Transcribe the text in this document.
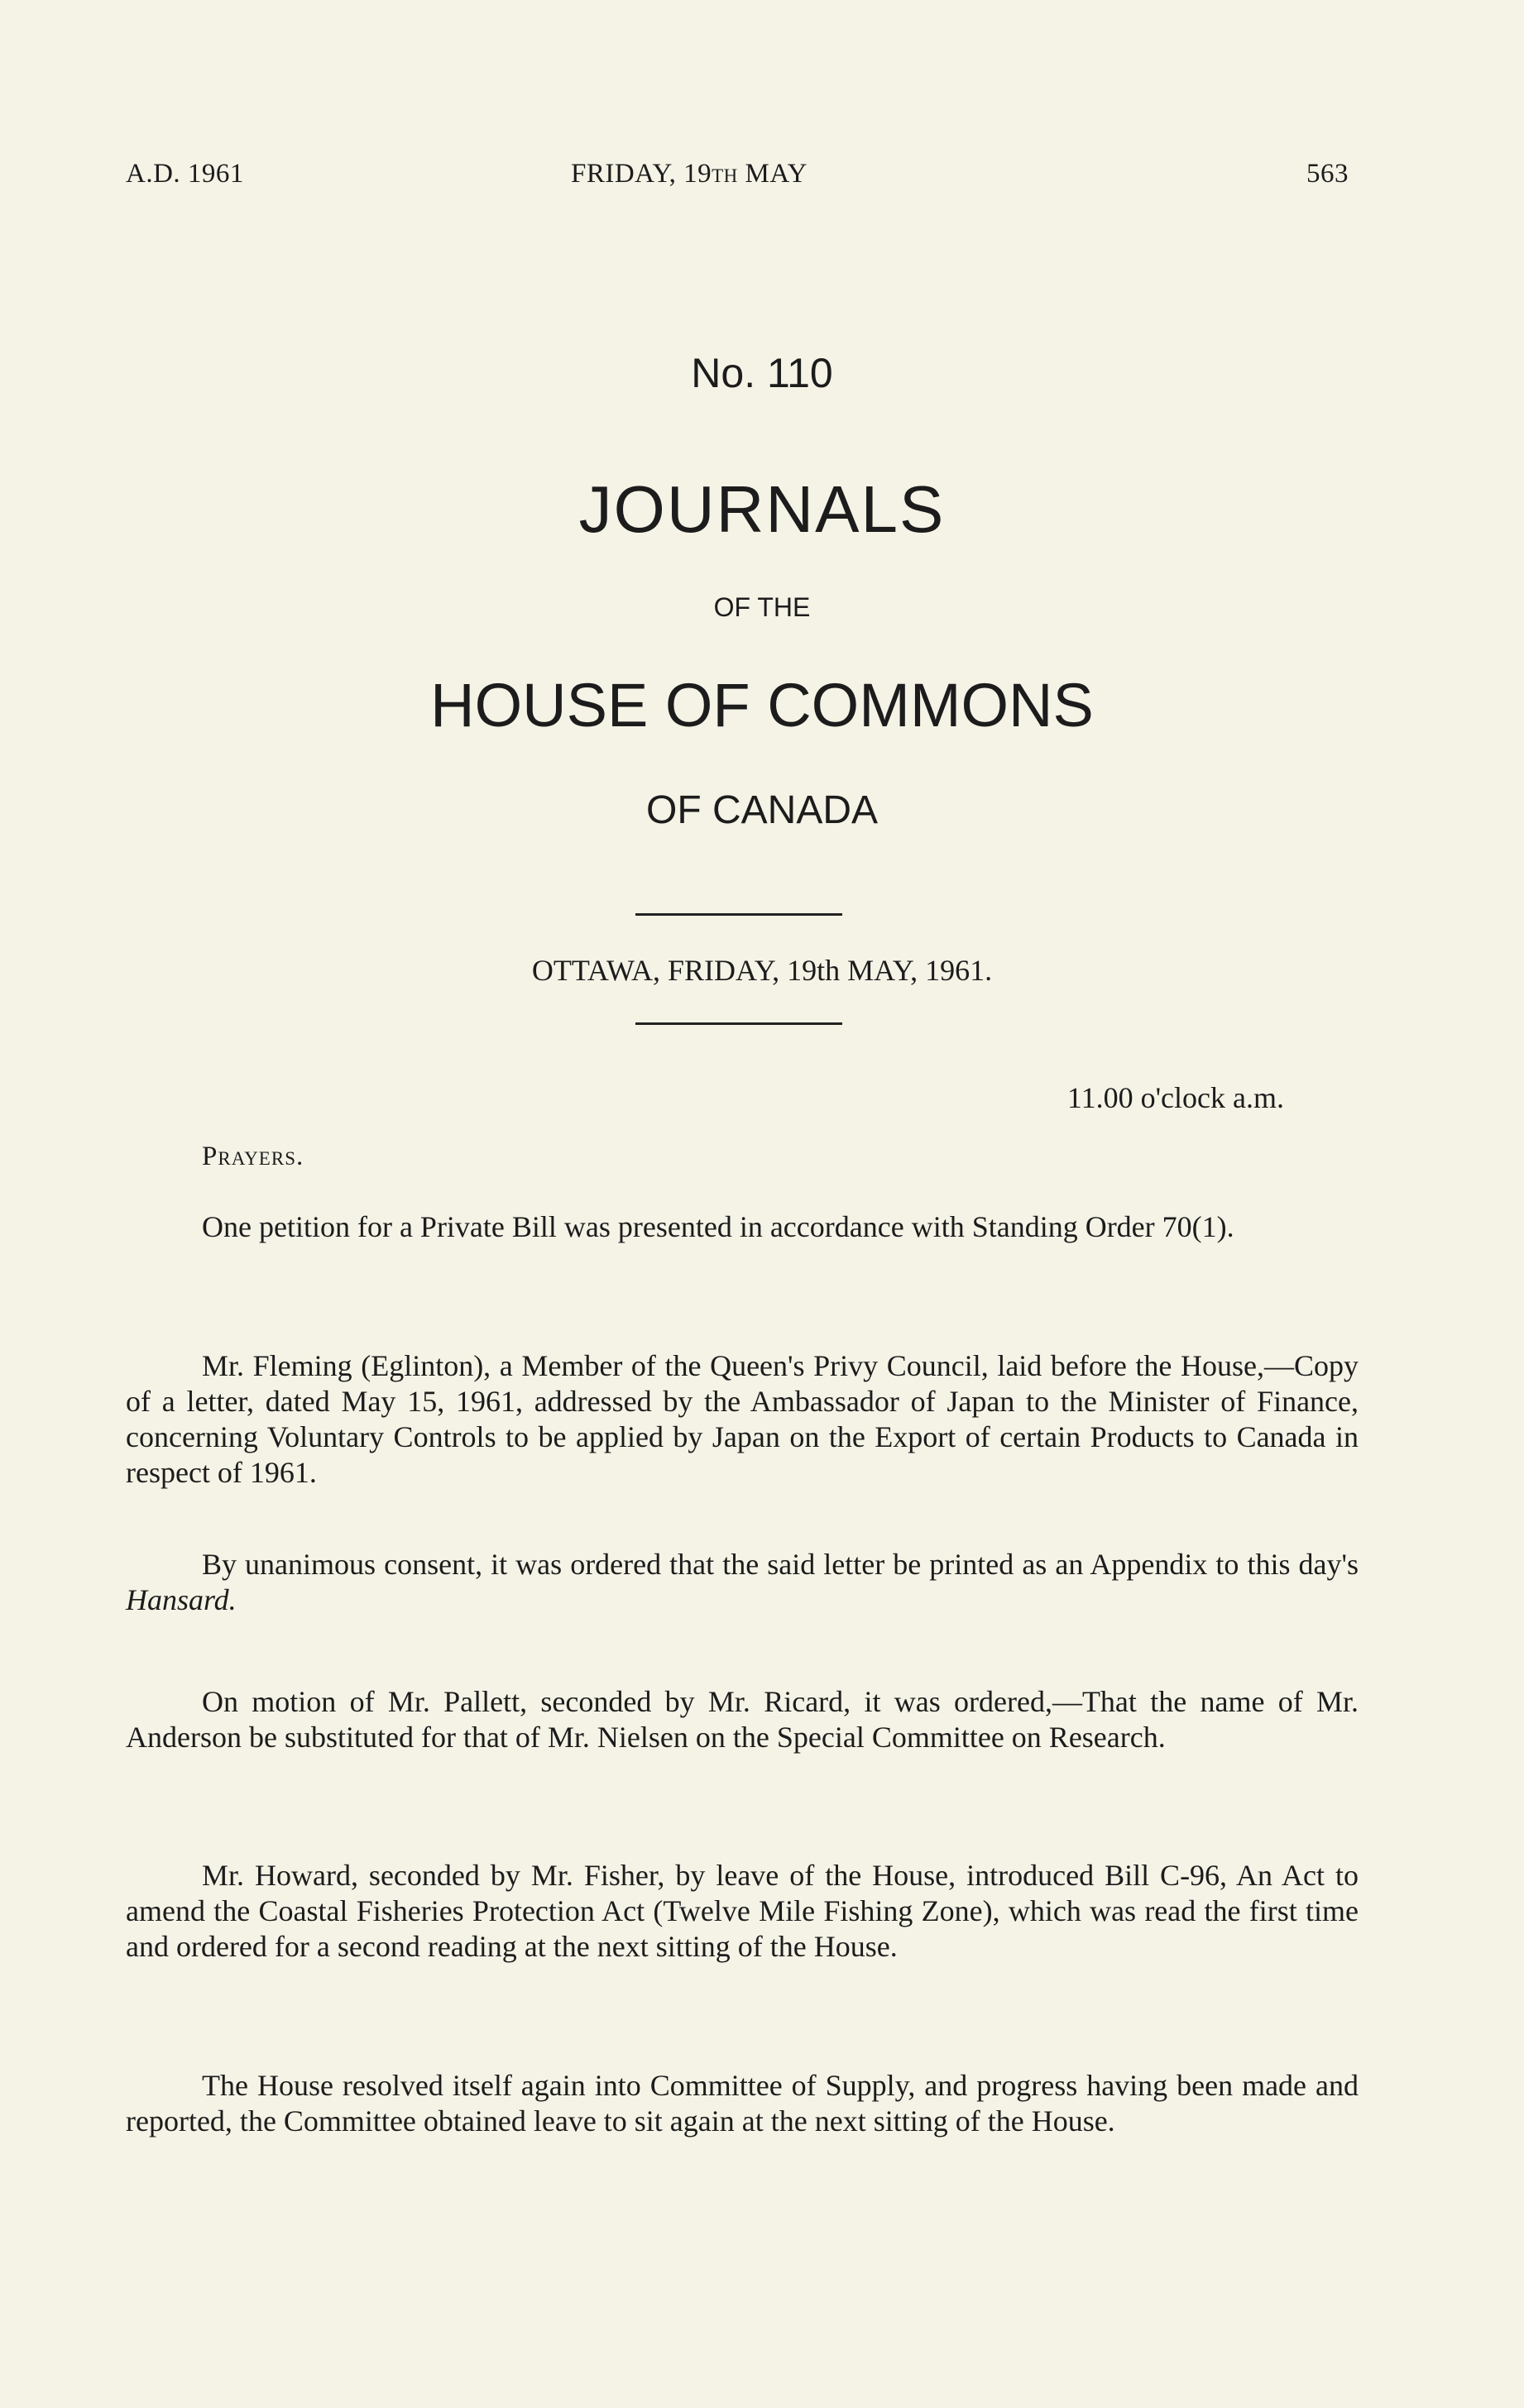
A.D. 1961	FRIDAY, 19th MAY	563
No. 110
JOURNALS
OF THE
HOUSE OF COMMONS
OF CANADA
OTTAWA, FRIDAY, 19th MAY, 1961.
11.00 o'clock a.m.
Prayers.
One petition for a Private Bill was presented in accordance with Standing Order 70(1).
Mr. Fleming (Eglinton), a Member of the Queen's Privy Council, laid before the House,—Copy of a letter, dated May 15, 1961, addressed by the Ambassador of Japan to the Minister of Finance, concerning Voluntary Controls to be applied by Japan on the Export of certain Products to Canada in respect of 1961.
By unanimous consent, it was ordered that the said letter be printed as an Appendix to this day's Hansard.
On motion of Mr. Pallett, seconded by Mr. Ricard, it was ordered,—That the name of Mr. Anderson be substituted for that of Mr. Nielsen on the Special Committee on Research.
Mr. Howard, seconded by Mr. Fisher, by leave of the House, introduced Bill C-96, An Act to amend the Coastal Fisheries Protection Act (Twelve Mile Fishing Zone), which was read the first time and ordered for a second reading at the next sitting of the House.
The House resolved itself again into Committee of Supply, and progress having been made and reported, the Committee obtained leave to sit again at the next sitting of the House.
